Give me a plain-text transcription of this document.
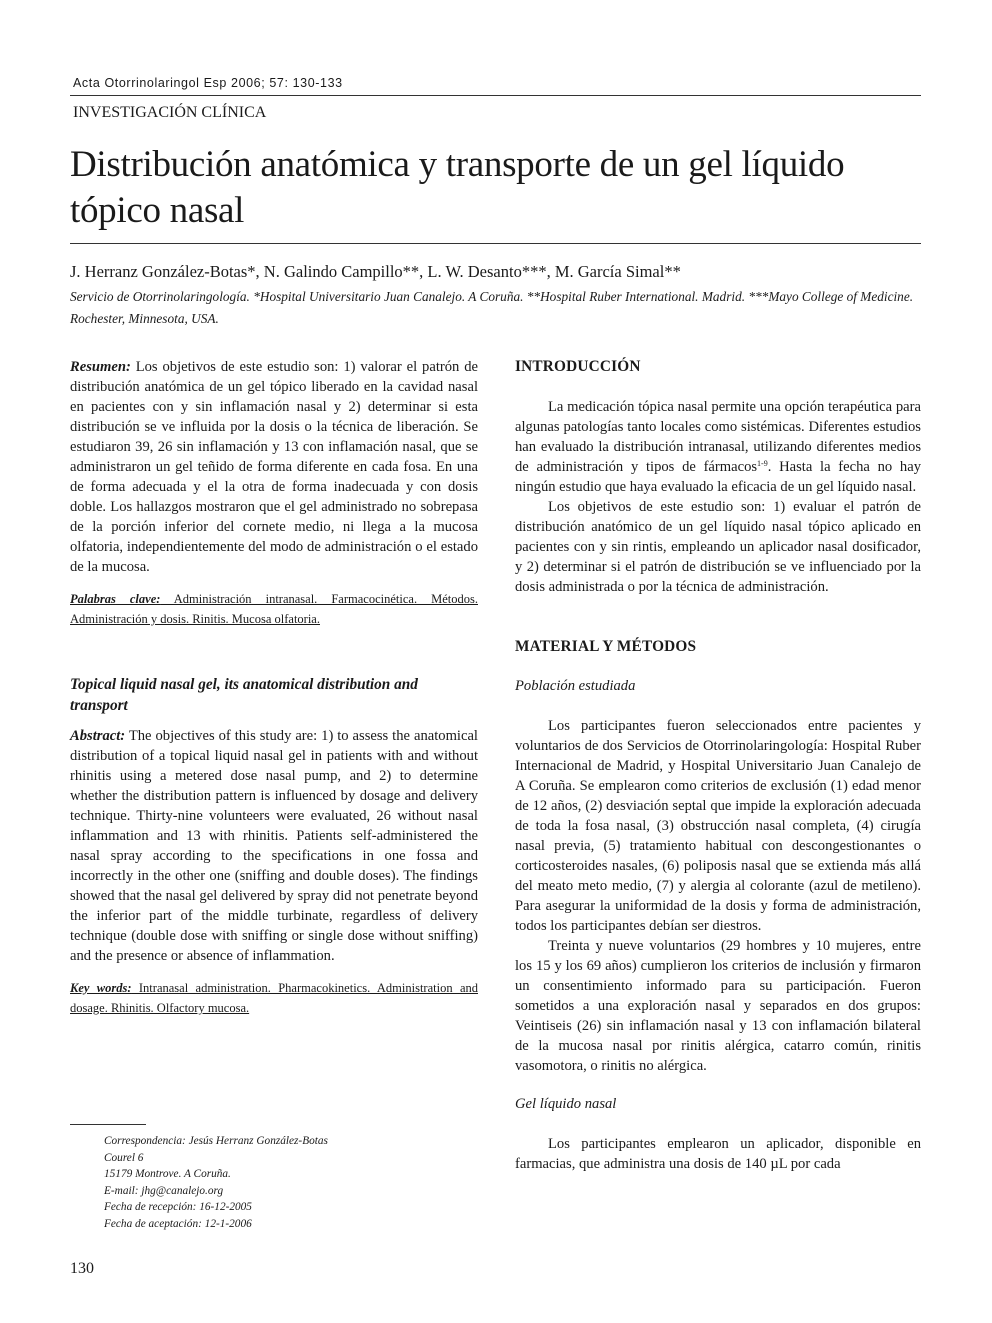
Acta Otorrinolaringol Esp 2006; 57: 130-133
INVESTIGACIÓN CLÍNICA
Distribución anatómica y transporte de un gel líquido tópico nasal
J. Herranz González-Botas*, N. Galindo Campillo**, L. W. Desanto***, M. García Simal**
Servicio de Otorrinolaringología. *Hospital Universitario Juan Canalejo. A Coruña. **Hospital Ruber International. Madrid. ***Mayo College of Medicine. Rochester, Minnesota, USA.

Resumen: Los objetivos de este estudio son: 1) valorar el patrón de distribución anatómica de un gel tópico liberado en la cavidad nasal en pacientes con y sin inflamación nasal y 2) determinar si esta distribución se ve influida por la dosis o la técnica de liberación. Se estudiaron 39, 26 sin inflamación y 13 con inflamación nasal, que se administraron un gel teñido de forma diferente en cada fosa. En una de forma adecuada y el la otra de forma inadecuada y con dosis doble. Los hallazgos mostraron que el gel administrado no sobrepasa de la porción inferior del cornete medio, ni llega a la mucosa olfatoria, independientemente del modo de administración o el estado de la mucosa.

Palabras clave: Administración intranasal. Farmacocinética. Métodos. Administración y dosis. Rinitis. Mucosa olfatoria.

Topical liquid nasal gel, its anatomical distribution and transport

Abstract: The objectives of this study are: 1) to assess the anatomical distribution of a topical liquid nasal gel in patients with and without rhinitis using a metered dose nasal pump, and 2) to determine whether the distribution pattern is influenced by dosage and delivery technique. Thirty-nine volunteers were evaluated, 26 without nasal inflammation and 13 with rhinitis. Patients self-administered the nasal spray according to the specifications in one fossa and incorrectly in the other one (sniffing and double doses). The findings showed that the nasal gel delivered by spray did not penetrate beyond the inferior part of the middle turbinate, regardless of delivery technique (double dose with sniffing or single dose without sniffing) and the presence or absence of inflammation.

Key words: Intranasal administration. Pharmacokinetics. Administration and dosage. Rhinitis. Olfactory mucosa.

Correspondencia: Jesús Herranz González-Botas
Courel 6
15179 Montrove. A Coruña.
E-mail: jhg@canalejo.org
Fecha de recepción: 16-12-2005
Fecha de aceptación: 12-1-2006
130
INTRODUCCIÓN

La medicación tópica nasal permite una opción terapéutica para algunas patologías tanto locales como sistémicas. Diferentes estudios han evaluado la distribución intranasal, utilizando diferentes medios de administración y tipos de fármacos$^{1-9}$. Hasta la fecha no hay ningún estudio que haya evaluado la eficacia de un gel líquido nasal.

Los objetivos de este estudio son: 1) evaluar el patrón de distribución anatómico de un gel líquido nasal tópico aplicado en pacientes con y sin rintis, empleando un aplicador nasal dosificador, y 2) determinar si el patrón de distribución se ve influenciado por la dosis administrada o por la técnica de administración.

MATERIAL Y MÉTODOS
Población estudiada

Los participantes fueron seleccionados entre pacientes y voluntarios de dos Servicios de Otorrinolaringología: Hospital Ruber Internacional de Madrid, y Hospital Universitario Juan Canalejo de A Coruña. Se emplearon como criterios de exclusión (1) edad menor de 12 años, (2) desviación septal que impide la exploración adecuada de toda la fosa nasal, (3) obstrucción nasal completa, (4) cirugía nasal previa, (5) tratamiento habitual con descongestionantes o corticosteroides nasales, (6) poliposis nasal que se extienda más allá del meato meto medio, (7) y alergia al colorante (azul de metileno). Para asegurar la uniformidad de la dosis y forma de administración, todos los participantes debían ser diestros.

Treinta y nueve voluntarios (29 hombres y 10 mujeres, entre los 15 y los 69 años) cumplieron los criterios de inclusión y firmaron un consentimiento informado para su participación. Fueron sometidos a una exploración nasal y separados en dos grupos: Veintiseis (26) sin inflamación nasal y 13 con inflamación bilateral de la mucosa nasal por rinitis alérgica, catarro común, rinitis vasomotora, o rinitis no alérgica.

Gel líquido nasal

Los participantes emplearon un aplicador, disponible en farmacias, que administra una dosis de 140 µL por cada
